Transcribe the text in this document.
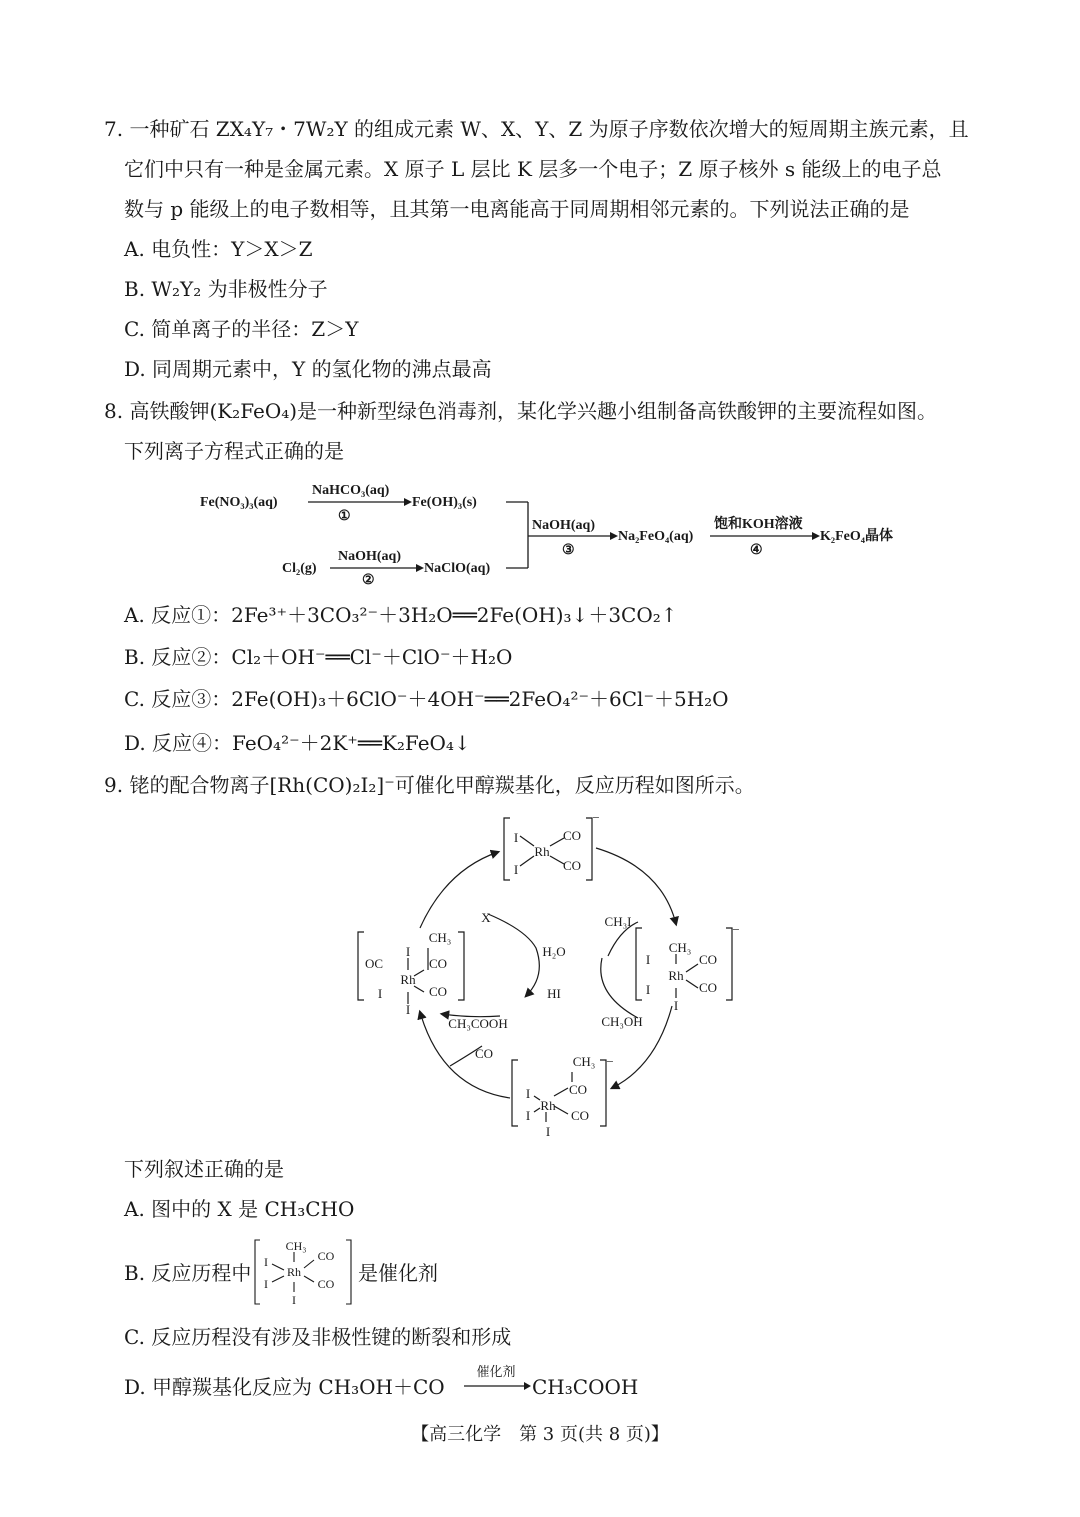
7. 一种矿石 ZX₄Y₇・7W₂Y 的组成元素 W、X、Y、Z 为原子序数依次增大的短周期主族元素，且
它们中只有一种是金属元素。X 原子 L 层比 K 层多一个电子；Z 原子核外 s 能级上的电子总
数与 p 能级上的电子数相等，且其第一电离能高于同周期相邻元素的。下列说法正确的是
A. 电负性：Y＞X＞Z
B. W₂Y₂ 为非极性分子
C. 简单离子的半径：Z＞Y
D. 同周期元素中，Y 的氢化物的沸点最高
8. 高铁酸钾(K₂FeO₄)是一种新型绿色消毒剂，某化学兴趣小组制备高铁酸钾的主要流程如图。
下列离子方程式正确的是
Fe(NO₃)₃(aq)
NaHCO₃(aq)
①
Fe(OH)₃(s)
Cl₂(g)
NaOH(aq)
②
NaClO(aq)
NaOH(aq)
③
Na₂FeO₄(aq)
饱和KOH溶液
④
K₂FeO₄晶体
A. 反应①：2Fe³⁺＋3CO₃²⁻＋3H₂O══2Fe(OH)₃↓＋3CO₂↑
B. 反应②：Cl₂＋OH⁻══Cl⁻＋ClO⁻＋H₂O
C. 反应③：2Fe(OH)₃＋6ClO⁻＋4OH⁻══2FeO₄²⁻＋6Cl⁻＋5H₂O
D. 反应④：FeO₄²⁻＋2K⁺══K₂FeO₄↓
9. 铑的配合物离子[Rh(CO)₂I₂]⁻可催化甲醇羰基化，反应历程如图所示。
I
I
Rh
CO
CO
−
CH₃
I
Rh
CO
CO
I
I
−
CH₃
I
OC
Rh
CO
CO
I
I
CH₃
CO
I
Rh
CO
I
I
−
X	CH₃I
H₂O
HI
CH₃COOH	CH₃OH
CO
下列叙述正确的是
A. 图中的 X 是 CH₃CHO
B. 反应历程中
CH₃
I
Rh
CO
CO
I
I
是催化剂
C. 反应历程没有涉及非极性键的断裂和形成
D. 甲醇羰基化反应为 CH₃OH＋CO
催化剂
CH₃COOH
【高三化学　第 3 页(共 8 页)】
